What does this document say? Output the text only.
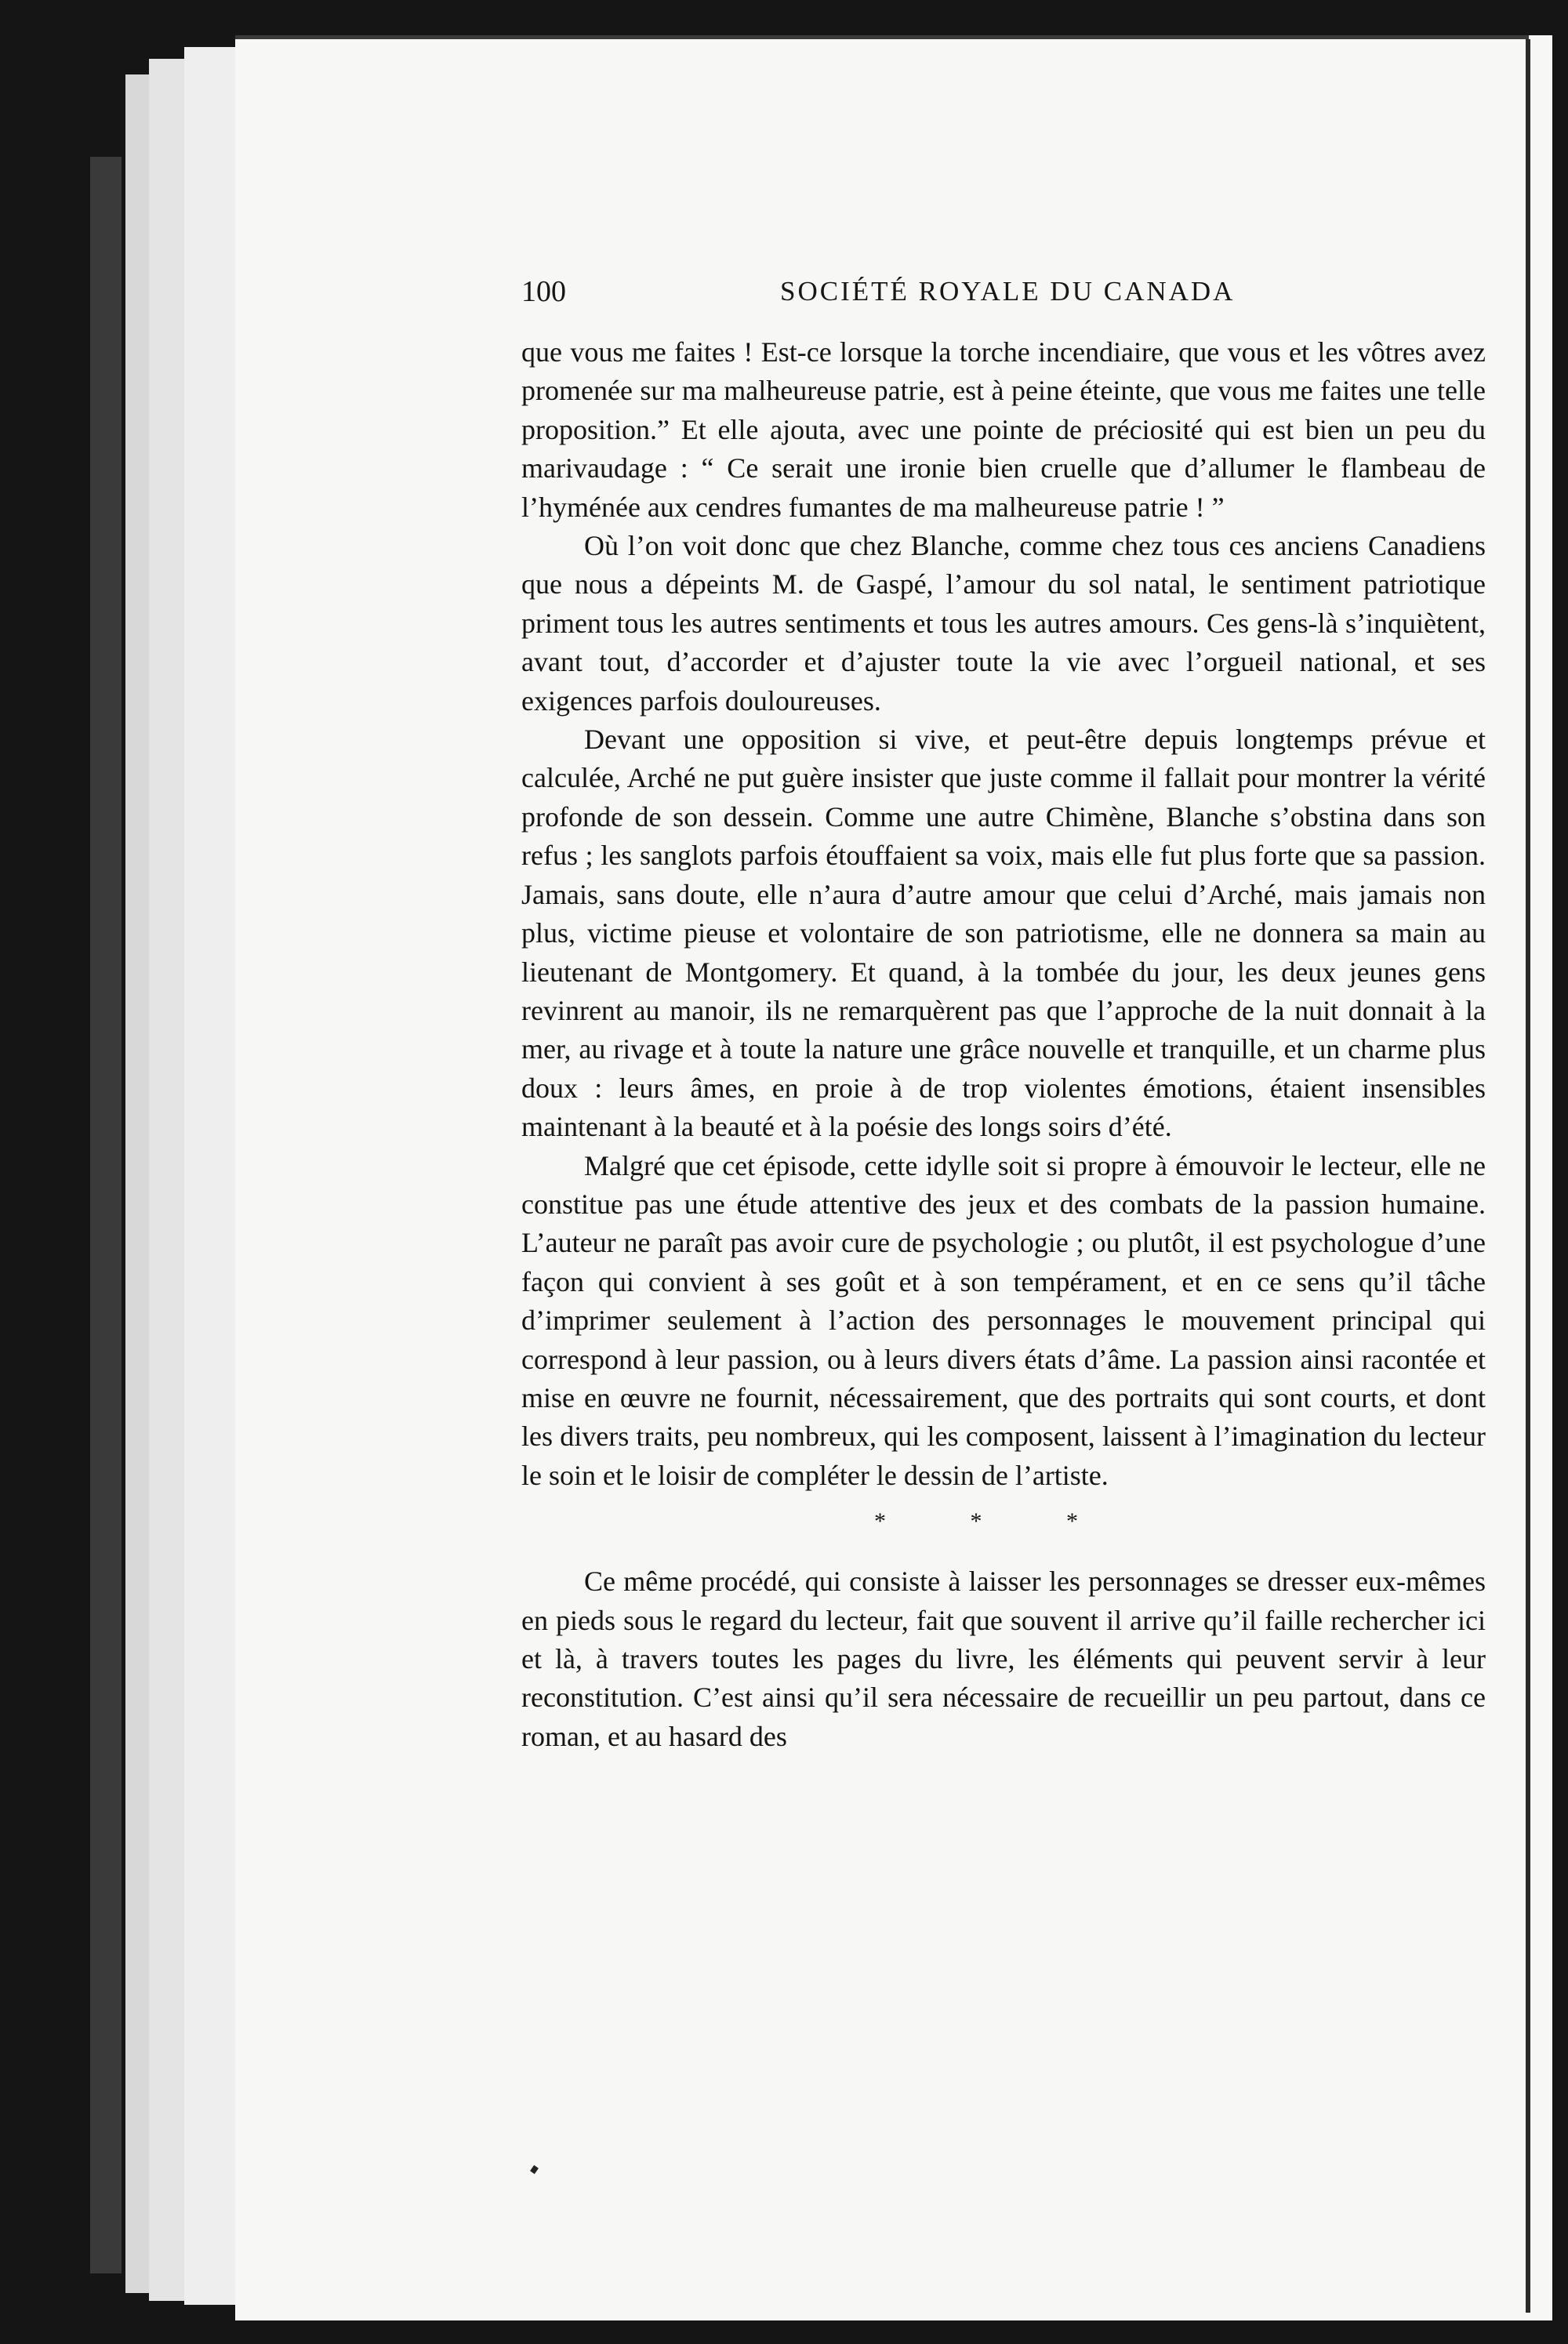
100	SOCIÉTÉ ROYALE DU CANADA

que vous me faites ! Est-ce lorsque la torche incendiaire, que vous et les vôtres avez promenée sur ma malheureuse patrie, est à peine éteinte, que vous me faites une telle proposition.” Et elle ajouta, avec une pointe de préciosité qui est bien un peu du marivaudage : “ Ce serait une ironie bien cruelle que d’allumer le flambeau de l’hyménée aux cendres fumantes de ma malheureuse patrie ! ”

Où l’on voit donc que chez Blanche, comme chez tous ces anciens Canadiens que nous a dépeints M. de Gaspé, l’amour du sol natal, le sentiment patriotique priment tous les autres sentiments et tous les autres amours. Ces gens-là s’inquiètent, avant tout, d’accorder et d’ajuster toute la vie avec l’orgueil national, et ses exigences parfois douloureuses.

Devant une opposition si vive, et peut-être depuis longtemps prévue et calculée, Arché ne put guère insister que juste comme il fallait pour montrer la vérité profonde de son dessein. Comme une autre Chimène, Blanche s’obstina dans son refus ; les sanglots parfois étouffaient sa voix, mais elle fut plus forte que sa passion. Jamais, sans doute, elle n’aura d’autre amour que celui d’Arché, mais jamais non plus, victime pieuse et volontaire de son patriotisme, elle ne donnera sa main au lieutenant de Montgomery. Et quand, à la tombée du jour, les deux jeunes gens revinrent au manoir, ils ne remarquèrent pas que l’approche de la nuit donnait à la mer, au rivage et à toute la nature une grâce nouvelle et tranquille, et un charme plus doux : leurs âmes, en proie à de trop violentes émotions, étaient insensibles maintenant à la beauté et à la poésie des longs soirs d’été.

Malgré que cet épisode, cette idylle soit si propre à émouvoir le lecteur, elle ne constitue pas une étude attentive des jeux et des combats de la passion humaine. L’auteur ne paraît pas avoir cure de psychologie ; ou plutôt, il est psychologue d’une façon qui convient à ses goût et à son tempérament, et en ce sens qu’il tâche d’imprimer seulement à l’action des personnages le mouvement principal qui correspond à leur passion, ou à leurs divers états d’âme. La passion ainsi racontée et mise en œuvre ne fournit, nécessairement, que des portraits qui sont courts, et dont les divers traits, peu nombreux, qui les composent, laissent à l’imagination du lecteur le soin et le loisir de compléter le dessin de l’artiste.

* * *

Ce même procédé, qui consiste à laisser les personnages se dresser eux-mêmes en pieds sous le regard du lecteur, fait que souvent il arrive qu’il faille rechercher ici et là, à travers toutes les pages du livre, les éléments qui peuvent servir à leur reconstitution. C’est ainsi qu’il sera nécessaire de recueillir un peu partout, dans ce roman, et au hasard des
